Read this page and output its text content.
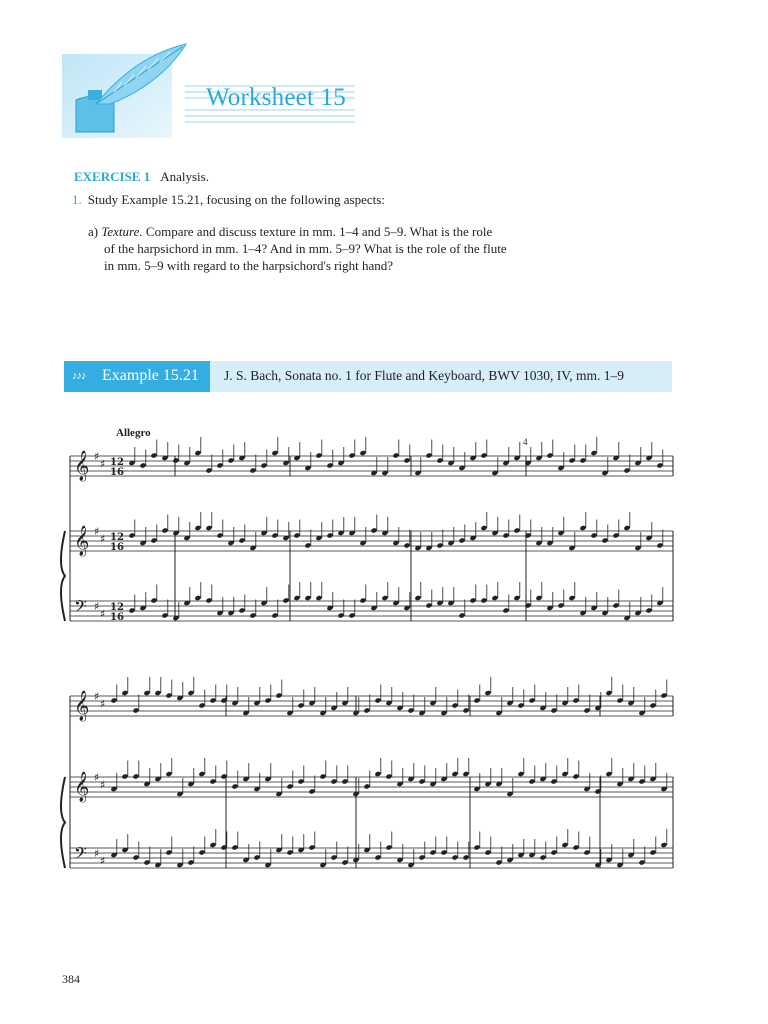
Worksheet 15
EXERCISE 1 Analysis.
1. Study Example 15.21, focusing on the following aspects:
a) Texture. Compare and discuss texture in mm. 1–4 and 5–9. What is the role
of the harpsichord in mm. 1–4? And in mm. 5–9? What is the role of the flute
in mm. 5–9 with regard to the harpsichord's right hand?
♪♪♪ Example 15.21 J. S. Bach, Sonata no. 1 for Flute and Keyboard, BWV 1030, IV, mm. 1–9
Allegro
4
𝄞 ♯
♯ 12
16
𝄞 ♯
♯ 12
16
𝄢 ♯
♯ 12
16
𝄞 ♯
♯
𝄞 ♯
♯
𝄢 ♯
♯
384
